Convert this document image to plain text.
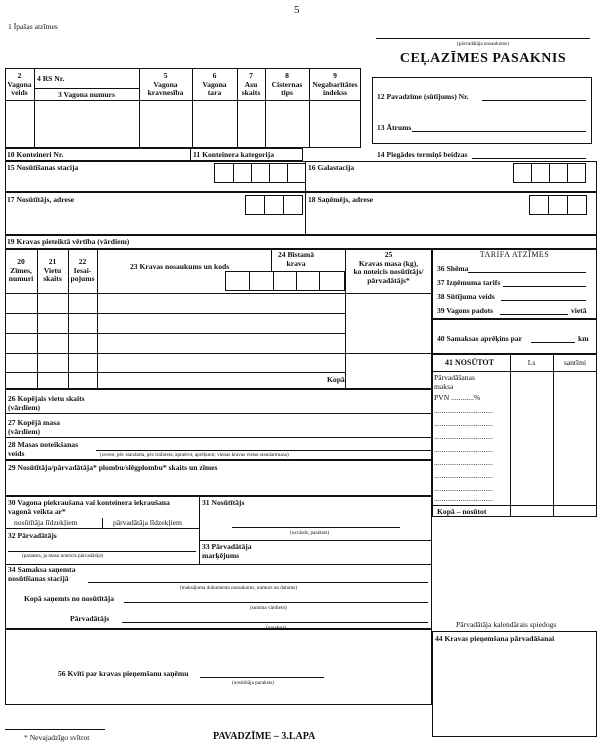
5
1 Īpašas atzīmes
(pārvadātāja nosaukums)
CEĻAZĪMES PASAKNIS
2
Vagona
veids
4 RS Nr.
3 Vagona numurs
5
Vagona
kravnesība
6
Vagona
tara
7
Asu
skaits
8
Cisternas
tips
9
Negabarītātes
indekss	12 Pavadzīme (sūtījums) Nr.
13 Ātrums
10 Konteineri Nr.	11 Konteinera kategorija	14 Piegādes termiņš beidzas
15 Nosūtīšanas stacija	16 Galastacija
17 Nosūtītājs, adrese	18 Saņēmējs, adrese
19 Kravas pieteiktā vērtība (vārdiem)
20
Zīmes,
numuri
21
Vietu
skaits
22
Iesai-
pojums
23 Kravas nosaukums un kods
24 Bīstamā
krava
25
Kravas masa (kg),
ko noteicis nosūtītājs/
pārvadātājs*
Kopā
TARIFA ATZĪMES
36 Shēma
37 Izņēmuma tarifs
38 Sūtījuma veids
39 Vagons padots	vietā
40 Samaksas aprēķins par	km
41 NOSŪTOT	Ls	santīmi
Pārvadāšanas
maksa
PVN ............%
...............................
...............................
...............................
...............................
...............................
...............................
...............................
...............................
Kopā – nosūtot
26 Kopējais vietu skaits
(vārdiem)
27 Kopējā masa
(vārdiem)
28 Masas noteikšanas
veids	(sverot, pēc standarta, pēc trafareta, apmērot, aprēķinot; vienas kravas vietas standartmasa)
29 Nosūtītāja/pārvadātāja* plombu/slēgplombu* skaits un zīmes
30 Vagona piekraušana vai konteinera iekraušana
vagonā veikta ar*
nosūtītāja līdzekļiem	pārvadātāja līdzekļiem
31 Nosūtītājs
(uzvārds, paraksts)
32 Pārvadātājs
(paraksts, ja masu noteicis pārvadātājs)
33 Pārvadātāja
marķējums
34 Samaksa saņemta
nosūtīšanas stacijā
(maksājuma dokumenta nosaukums, numurs un datums)
Kopā saņemts no nosūtītāja
(summa vārdiem)
Pārvadātājs
(paraksts)	Pārvadātāja kalendārais spiedogs
44 Kravas pieņemšana pārvadāšanai
56 Kvīti par kravas pieņemšanu saņēmu
(nosūtītāja paraksts)
* Nevajadzīgo svītrot	PAVADZĪME – 3.LAPA
